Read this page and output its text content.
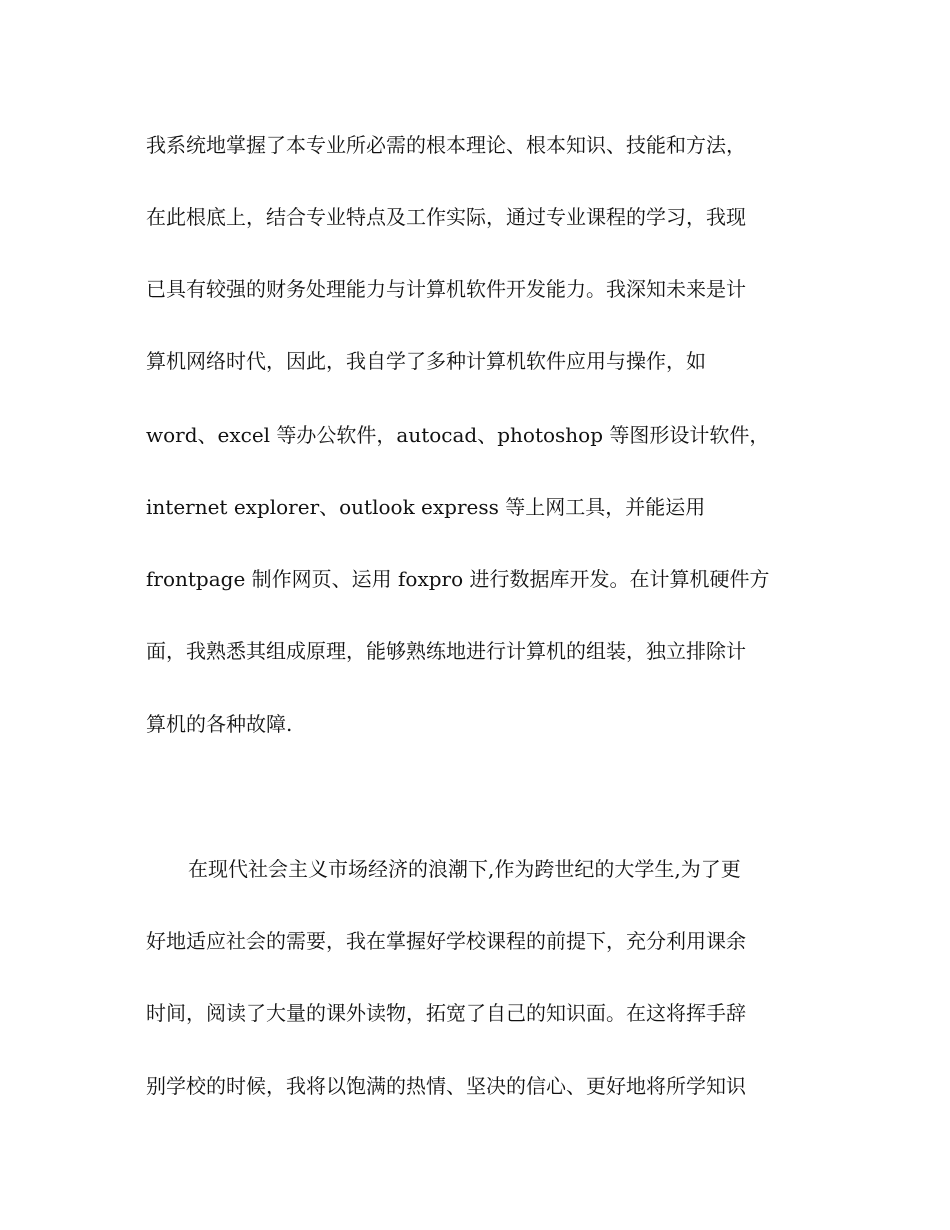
我系统地掌握了本专业所必需的根本理论、根本知识、技能和方法，
在此根底上，结合专业特点及工作实际，通过专业课程的学习，我现
已具有较强的财务处理能力与计算机软件开发能力。我深知未来是计
算机网络时代，因此，我自学了多种计算机软件应用与操作，如
word、excel 等办公软件，autocad、photoshop 等图形设计软件，
internet explorer、outlook express 等上网工具，并能运用
frontpage 制作网页、运用 foxpro 进行数据库开发。在计算机硬件方
面，我熟悉其组成原理，能够熟练地进行计算机的组装，独立排除计
算机的各种故障.
在现代社会主义市场经济的浪潮下,作为跨世纪的大学生,为了更
好地适应社会的需要，我在掌握好学校课程的前提下，充分利用课余
时间，阅读了大量的课外读物，拓宽了自己的知识面。在这将挥手辞
别学校的时候，我将以饱满的热情、坚决的信心、更好地将所学知识
